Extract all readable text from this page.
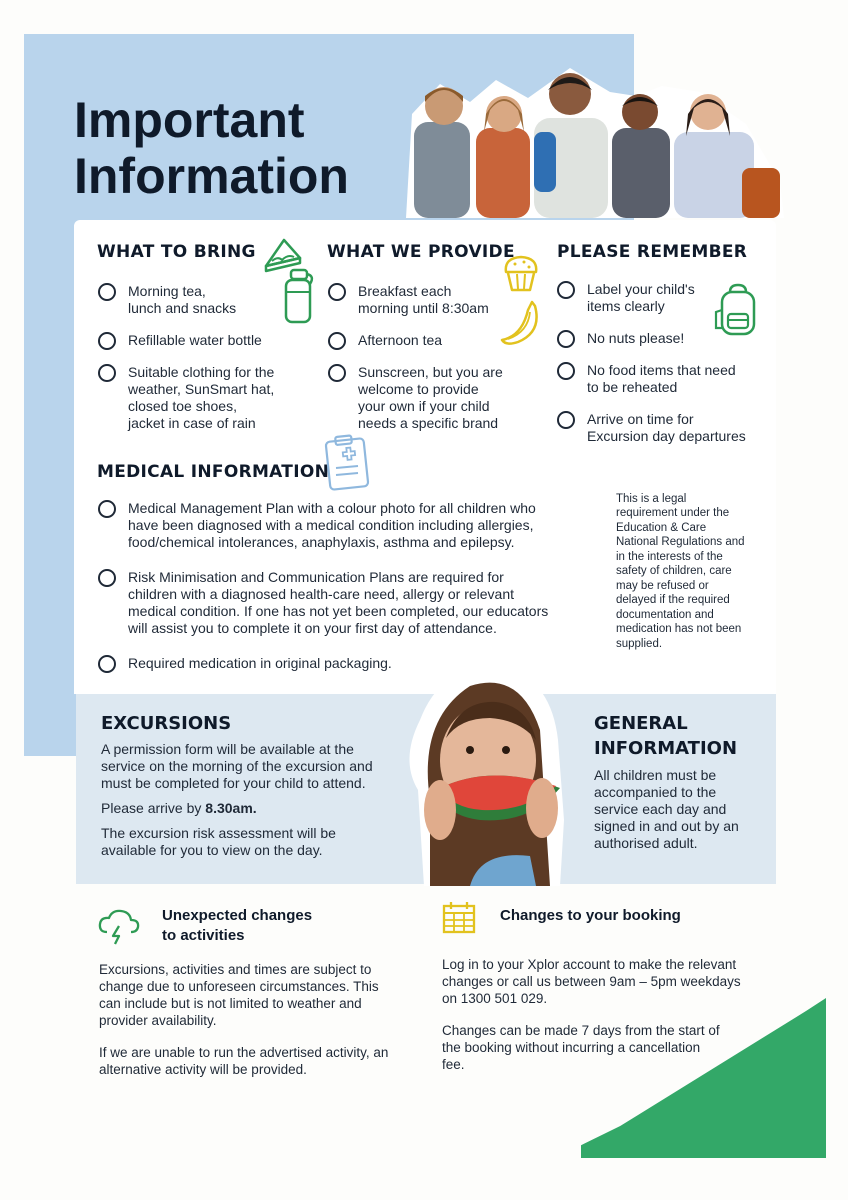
Important
Information
WHAT TO BRING
Morning tea,
lunch and snacks
Refillable water bottle
Suitable clothing for the
weather, SunSmart hat,
closed toe shoes,
jacket in case of rain
WHAT WE PROVIDE
Breakfast each
morning until 8:30am
Afternoon tea
Sunscreen, but you are
welcome to provide
your own if your child
needs a specific brand
PLEASE REMEMBER
Label your child's
items clearly
No nuts please!
No food items that need
to be reheated
Arrive on time for
Excursion day departures
MEDICAL INFORMATION
Medical Management Plan with a colour photo for all children who
have been diagnosed with a medical condition including allergies,
food/chemical intolerances, anaphylaxis, asthma and epilepsy.
Risk Minimisation and Communication Plans are required for
children with a diagnosed health-care need, allergy or relevant
medical condition. If one has not yet been completed, our educators
will assist you to complete it on your first day of attendance.
Required medication in original packaging.

This is a legal requirement under the Education & Care National Regulations and in the interests of the safety of children, care may be refused or delayed if the required documentation and medication has not been supplied.

EXCURSIONS

A permission form will be available at the service on the morning of the excursion and must be completed for your child to attend.

Please arrive by 8.30am.

The excursion risk assessment will be available for you to view on the day.

GENERAL
INFORMATION

All children must be accompanied to the service each day and signed in and out by an authorised adult.

Unexpected changes
to activities

Excursions, activities and times are subject to change due to unforeseen circumstances. This can include but is not limited to weather and provider availability.

If we are unable to run the advertised activity, an alternative activity will be provided.

Changes to your booking

Log in to your Xplor account to make the relevant changes or call us between 9am – 5pm weekdays on 1300 501 029.

Changes can be made 7 days from the start of the booking without incurring a cancellation fee.
